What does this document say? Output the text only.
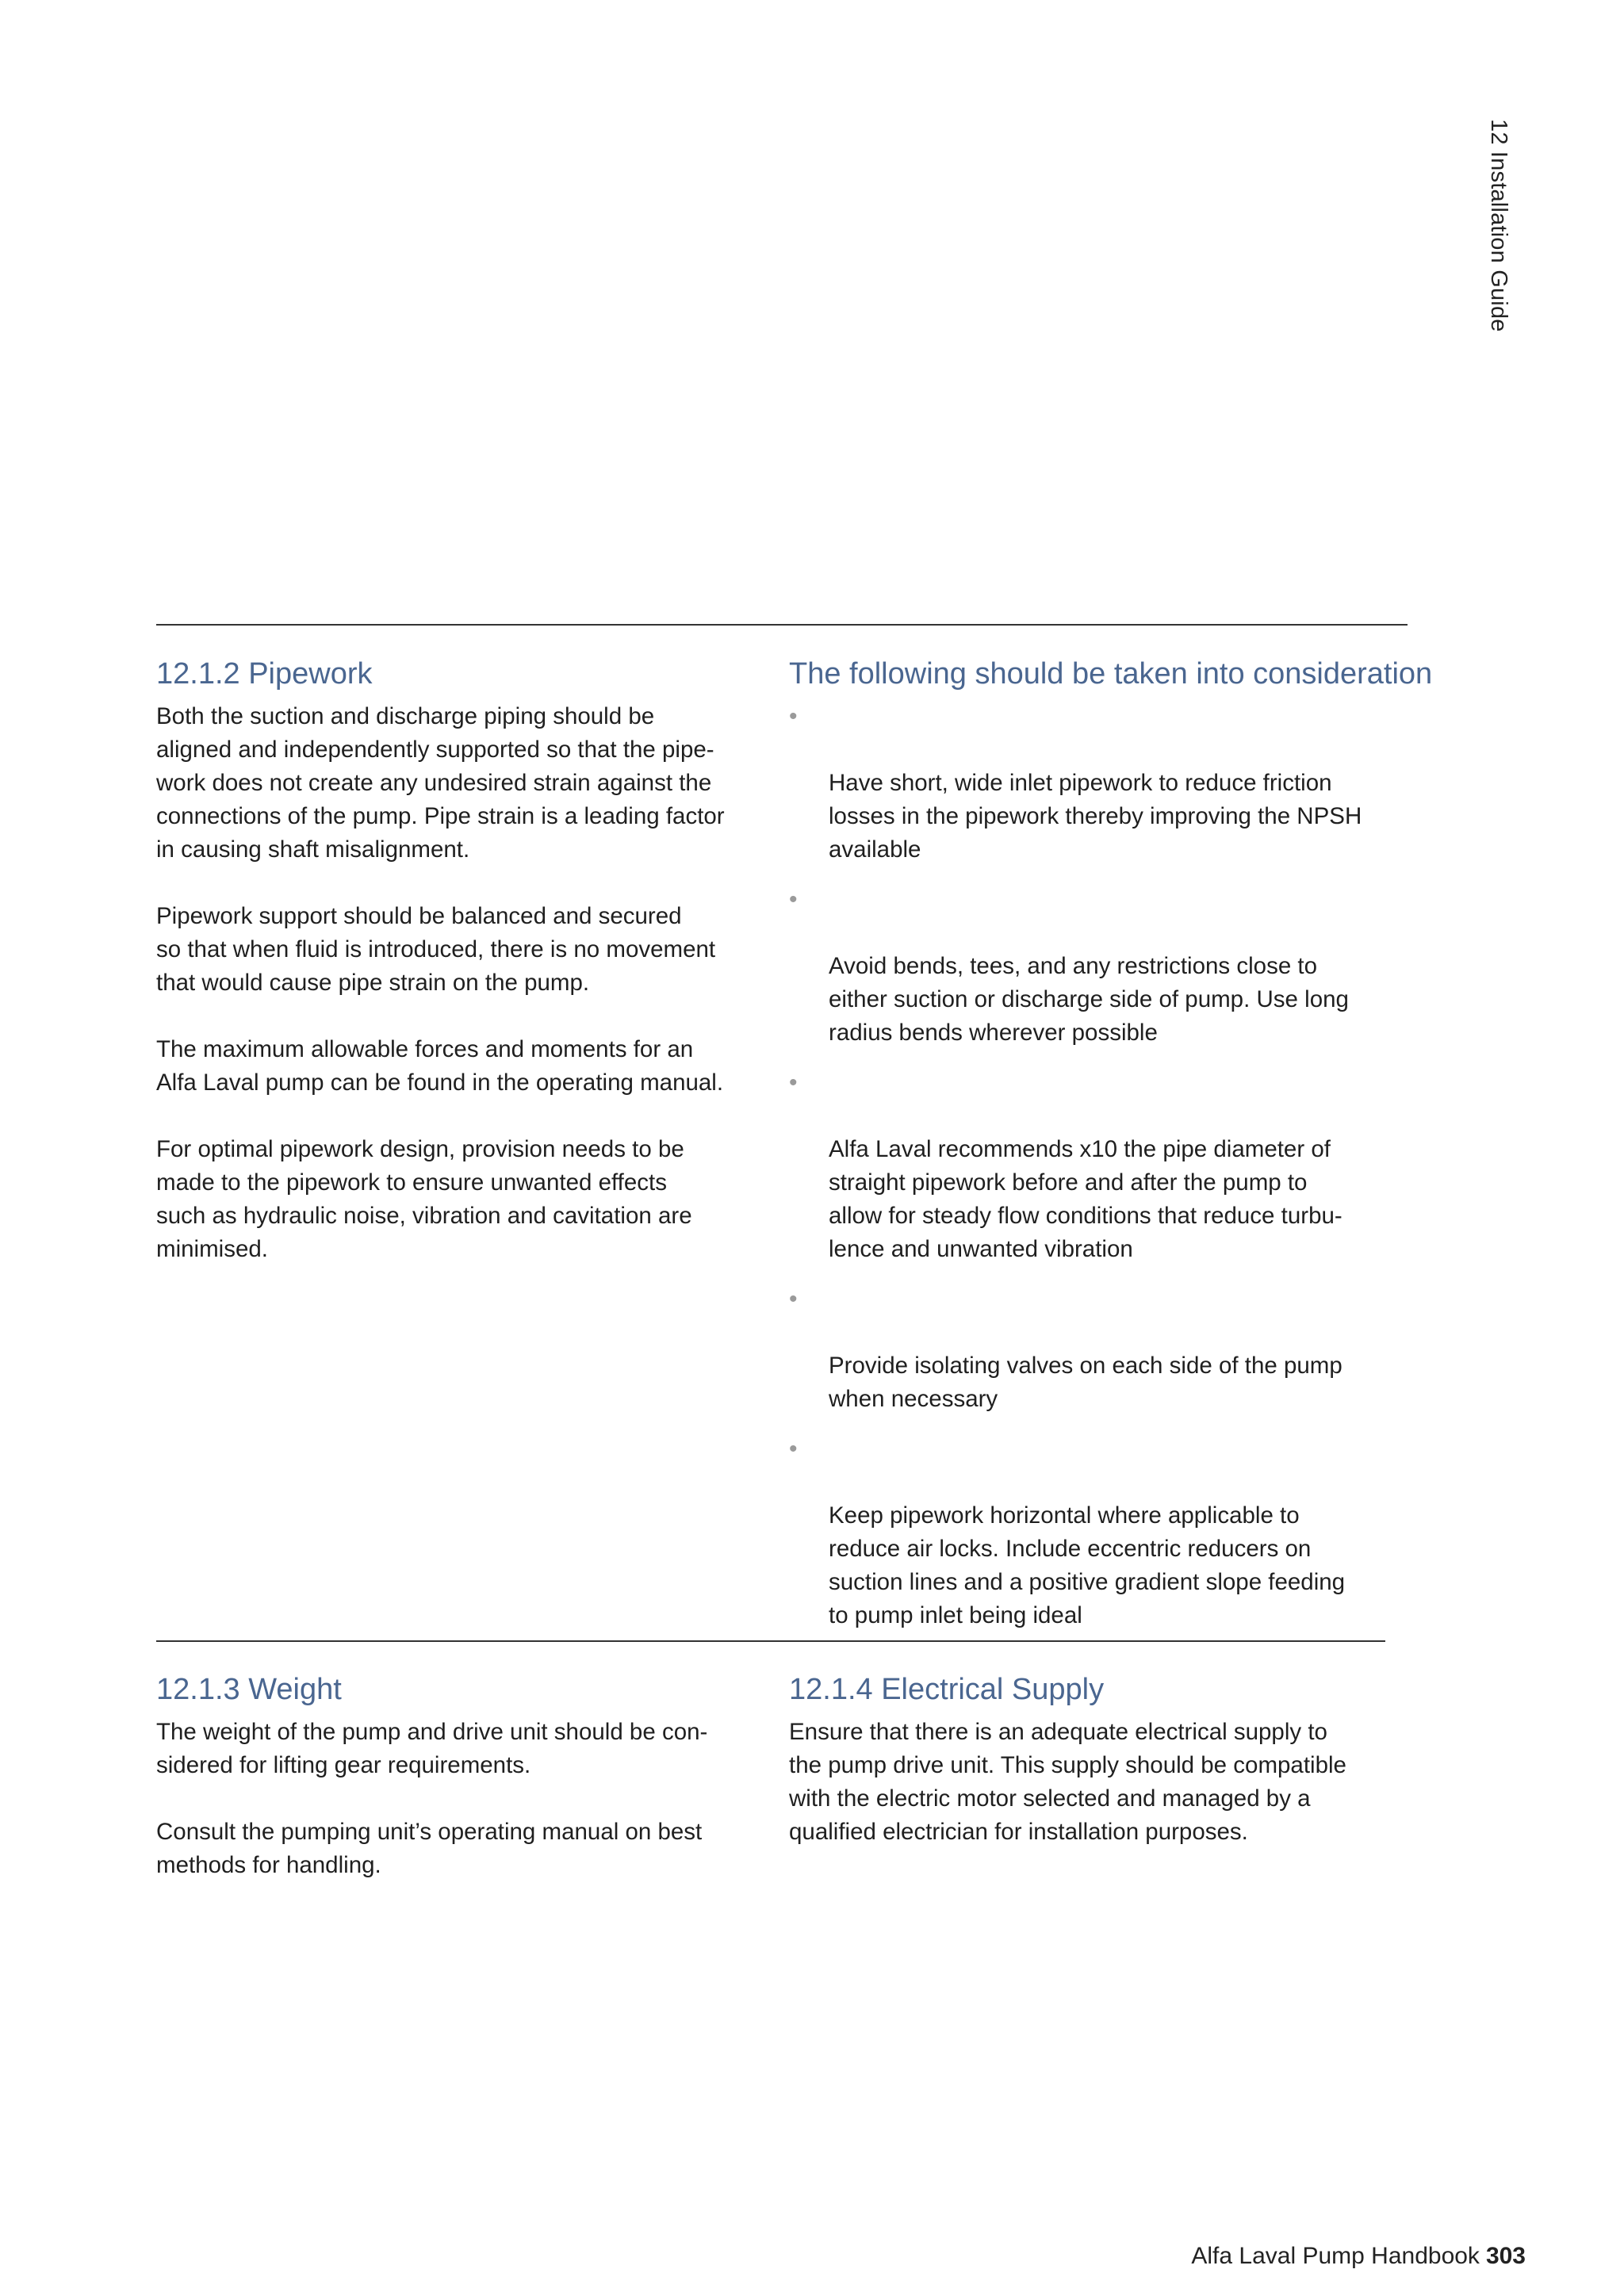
12 Installation Guide
12.1.2 Pipework

Both the suction and discharge piping should be
aligned and independently supported so that the pipe-
work does not create any undesired strain against the
connections of the pump. Pipe strain is a leading factor
in causing shaft misalignment.

Pipework support should be balanced and secured
so that when fluid is introduced, there is no movement
that would cause pipe strain on the pump.

The maximum allowable forces and moments for an
Alfa Laval pump can be found in the operating manual.

For optimal pipework design, provision needs to be
made to the pipework to ensure unwanted effects
such as hydraulic noise, vibration and cavitation are
minimised.

The following should be taken into consideration

•

Have short, wide inlet pipework to reduce friction
losses in the pipework thereby improving the NPSH
available

•

Avoid bends, tees, and any restrictions close to
either suction or discharge side of pump. Use long
radius bends wherever possible

•

Alfa Laval recommends x10 the pipe diameter of
straight pipework before and after the pump to
allow for steady flow conditions that reduce turbu-
lence and unwanted vibration

•

Provide isolating valves on each side of the pump
when necessary

•

Keep pipework horizontal where applicable to
reduce air locks. Include eccentric reducers on
suction lines and a positive gradient slope feeding
to pump inlet being ideal

12.1.3 Weight

The weight of the pump and drive unit should be con-
sidered for lifting gear requirements.

Consult the pumping unit’s operating manual on best
methods for handling.

12.1.4 Electrical Supply

Ensure that there is an adequate electrical supply to
the pump drive unit. This supply should be compatible
with the electric motor selected and managed by a
qualified electrician for installation purposes.

Alfa Laval Pump Handbook 303
